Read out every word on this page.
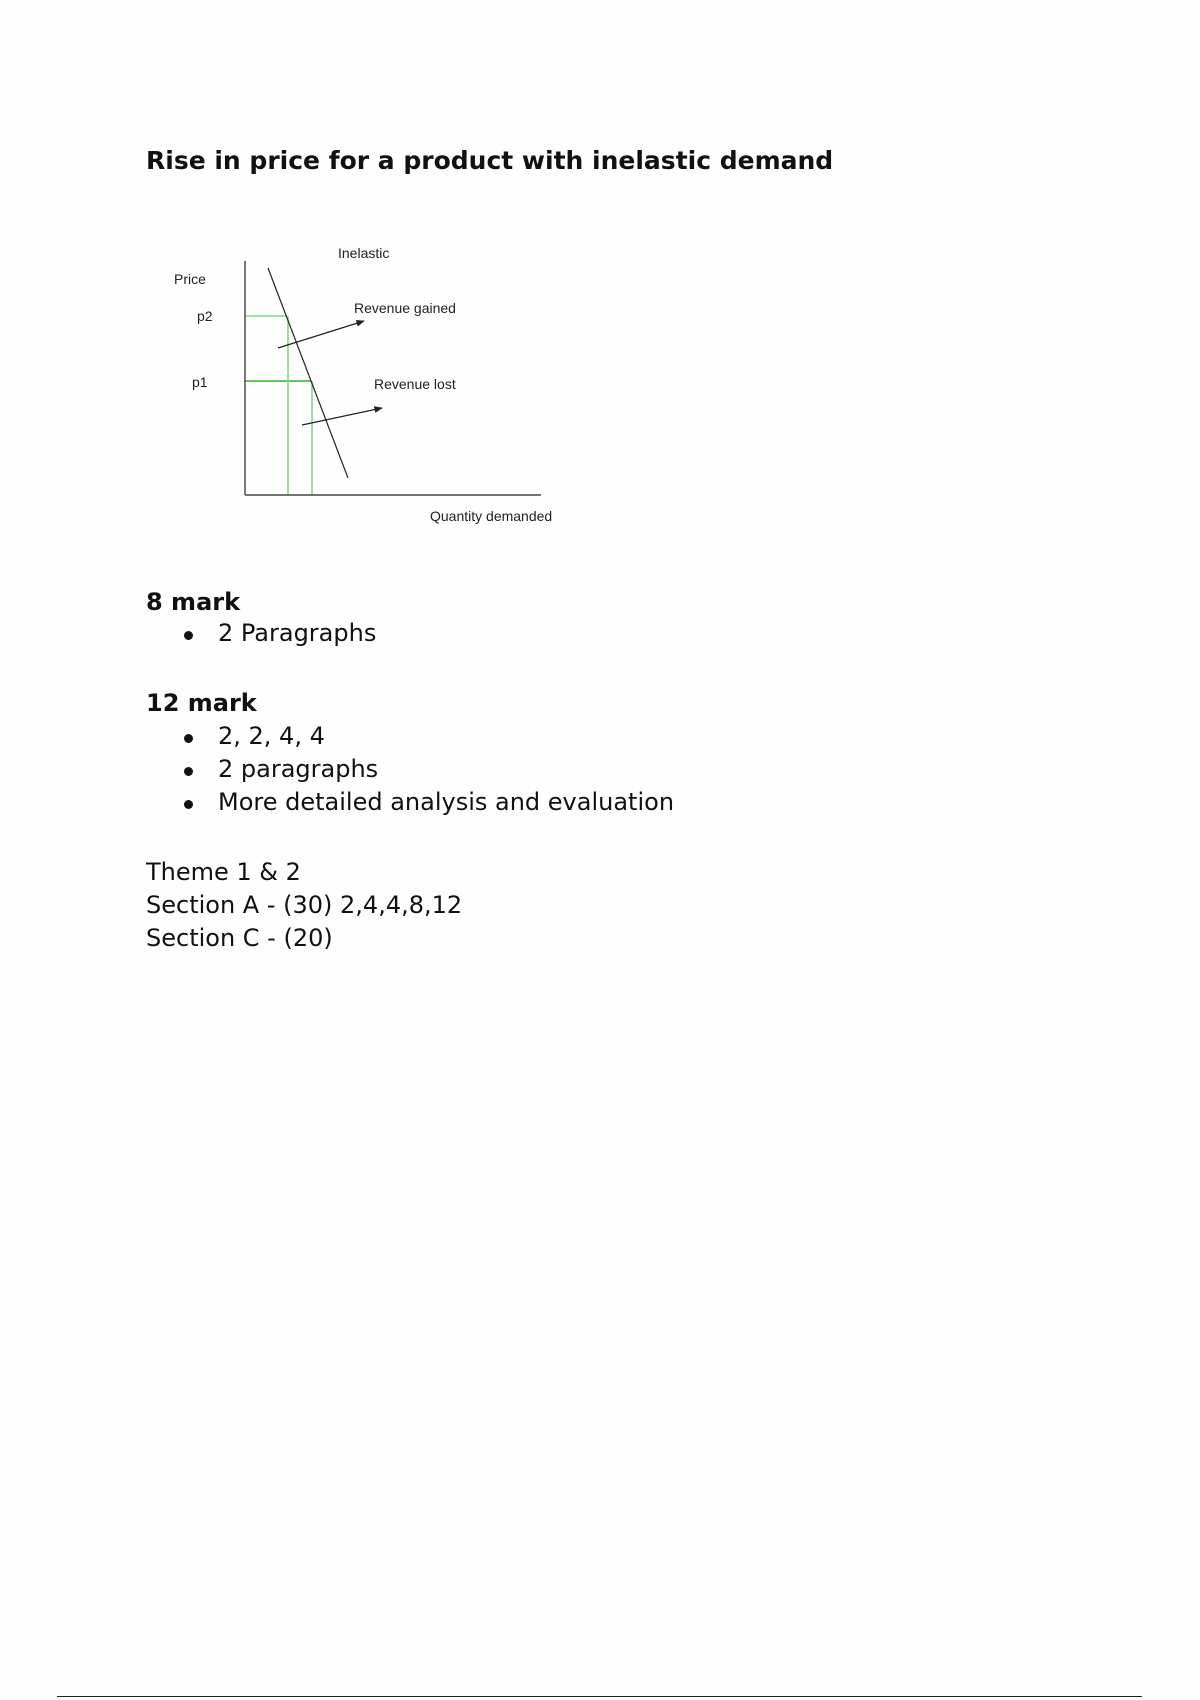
Rise in price for a product with inelastic demand
Inelastic
Price
p2
p1
Revenue gained
Revenue lost
Quantity demanded
8 mark
2 Paragraphs
12 mark
2, 2, 4, 4
2 paragraphs
More detailed analysis and evaluation
Theme 1 & 2
Section A - (30) 2,4,4,8,12
Section C - (20)
